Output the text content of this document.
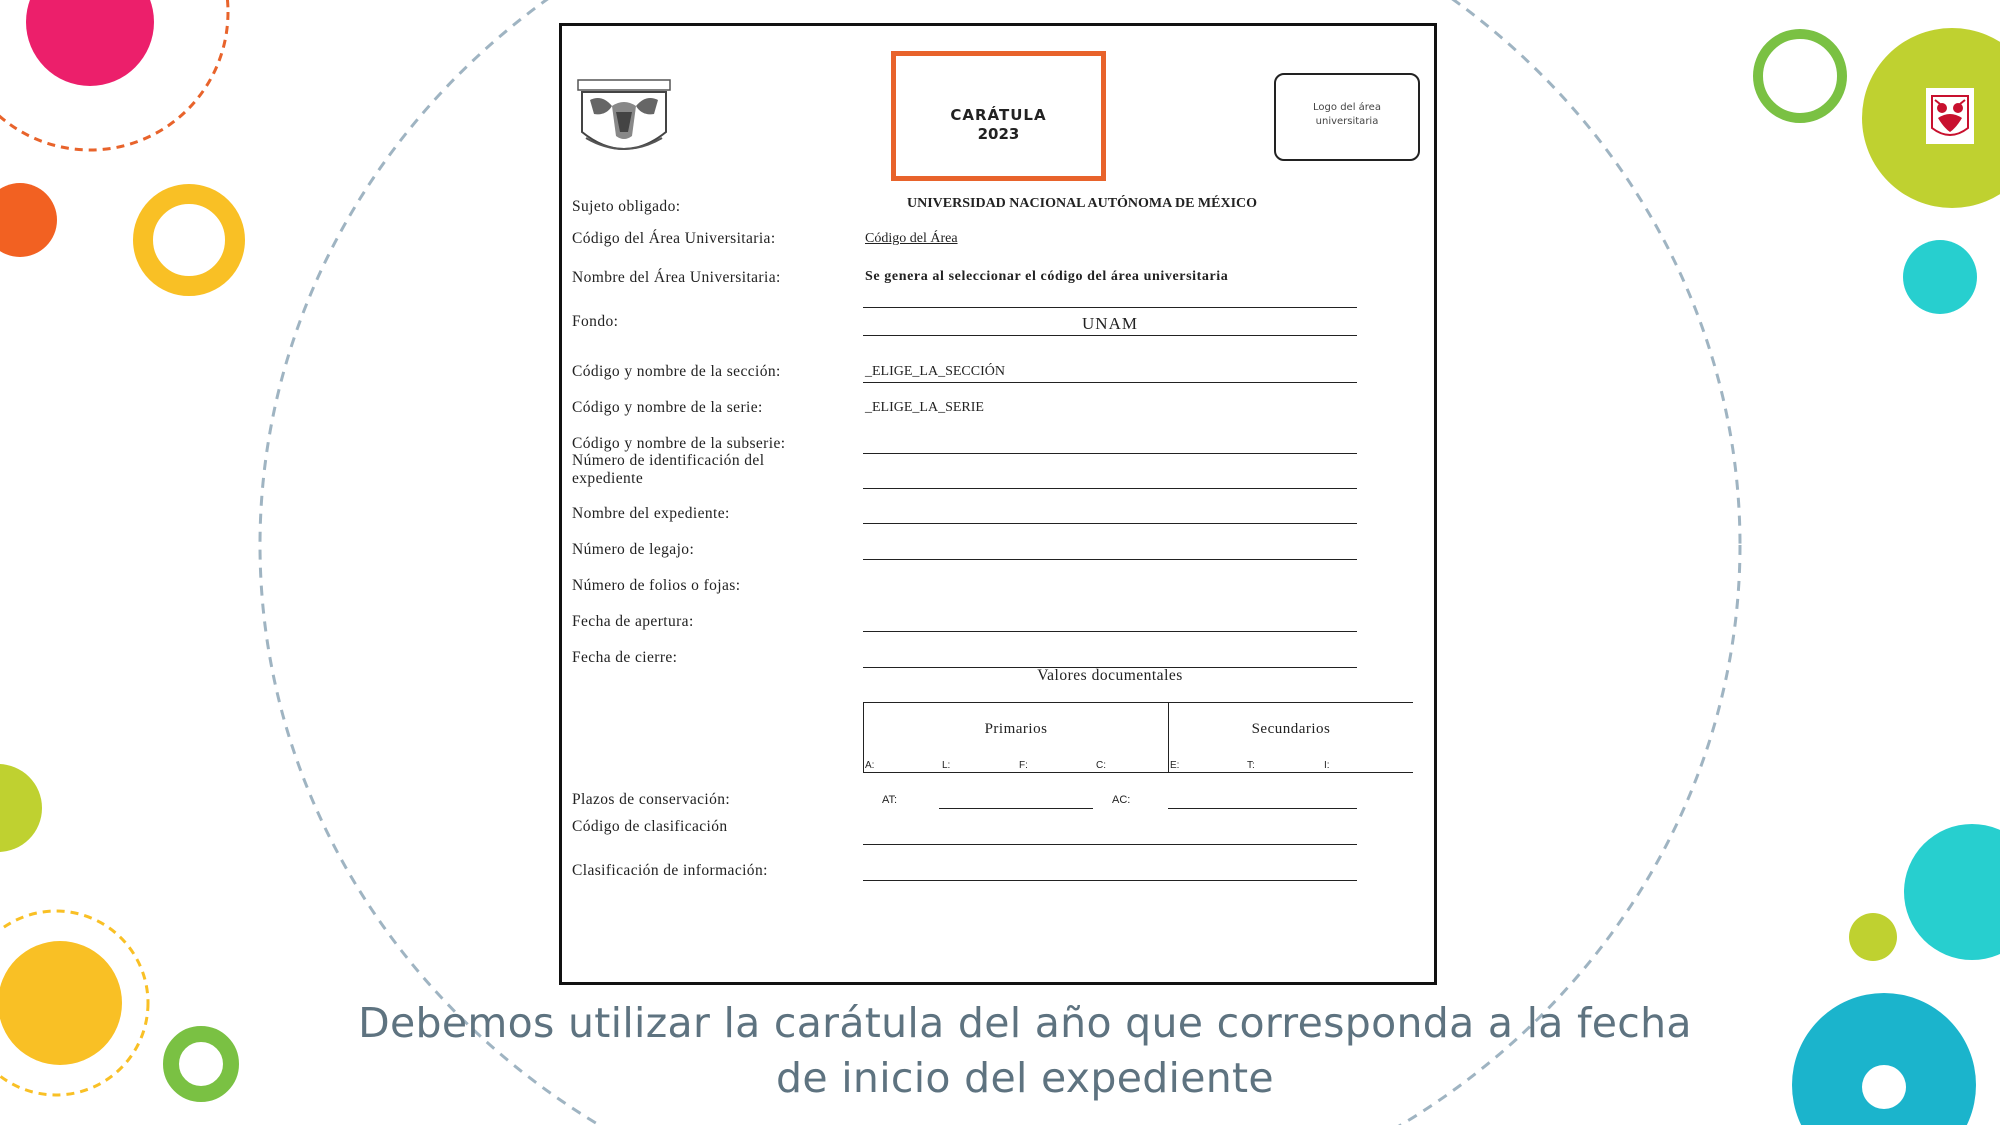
CARÁTULA
2023
Logo del área universitaria
UNIVERSIDAD NACIONAL AUTÓNOMA DE MÉXICO
Sujeto obligado:
Código del Área Universitaria:	Código del Área
Nombre del Área Universitaria:	Se genera al seleccionar el código del área universitaria
Fondo:	UNAM
Código y nombre de la sección:	_ELIGE_LA_SECCIÓN
Código y nombre de la serie:	_ELIGE_LA_SERIE
Código y nombre de la subserie:
Número de identificación del expediente
Nombre del expediente:
Número de legajo:
Número de folios o fojas:
Fecha de apertura:
Fecha de cierre:
Valores documentales
Primarios	Secundarios
A:	L:	F:	C:	E:	T:	I:
Plazos de conservación:	AT:	AC:
Código de clasificación
Clasificación de información:
Debemos utilizar la carátula del año que corresponda a la fecha
de inicio del expediente
